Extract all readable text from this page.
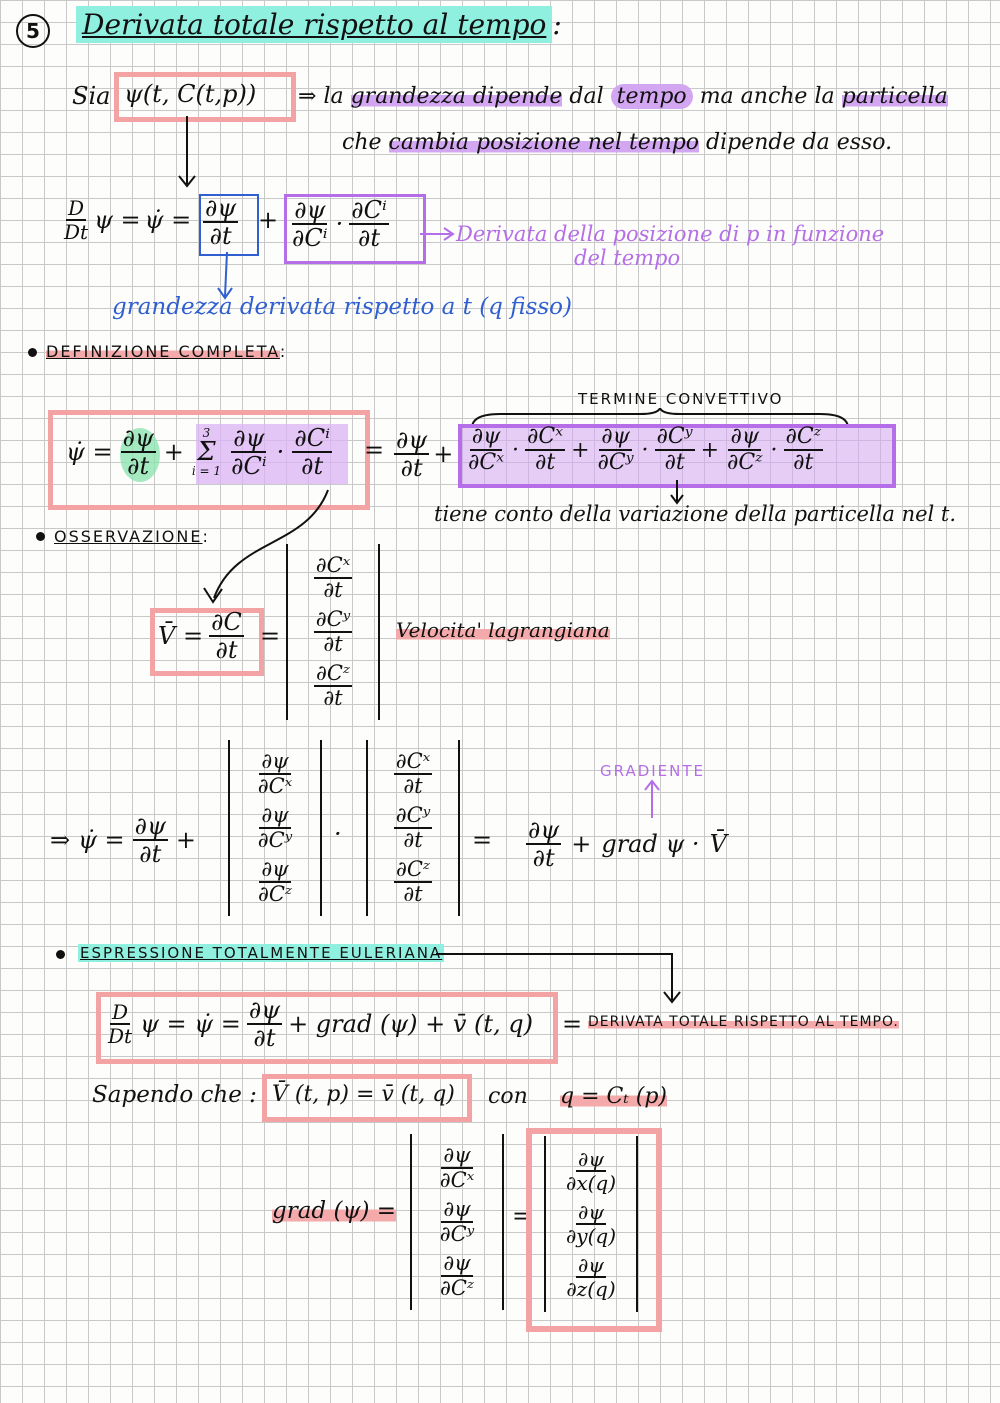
5 Derivata totale rispetto al tempo :
Sia ψ(t, C(t,p)) ⇒ la grandezza dipende dal tempo ma anche la particella
che cambia posizione nel tempo dipende da esso.
$\frac{D}{Dt}$ ψ = ψ̇ = $\frac{\partial\psi}{\partial t} + \frac{\partial\psi}{\text{∂Cⁱ}} \cdot \frac{\text{∂Cⁱ}}{\partial t}$	Derivata della posizione di p in funzione
del tempo
grandezza derivata rispetto a t (q fisso)
DEFINIZIONE COMPLETA:
ψ̇ = $\frac{\partial\psi}{\partial t}$ +
3
Σ
$i = 1 \frac{\partial\psi}{\text{∂Cⁱ}} \cdot \frac{\text{∂Cⁱ}}{\partial t} = \frac{\partial\psi}{\partial t}$ +
TERMINE CONVETTIVO
$\frac{\partial\psi}{\text{∂Cˣ}} \cdot \frac{\text{∂Cˣ}}{\partial t} + \frac{\partial\psi}{\text{∂Cʸ}} \cdot \frac{\text{∂Cʸ}}{\partial t} + \frac{\partial\psi}{\text{∂Cᶻ}} \cdot \frac{\text{∂Cᶻ}}{\partial t}$
tiene conto della variazione della particella nel t.
OSSERVAZIONE:
V̄ = $\frac{\partial C}{\partial t}$ =
$\frac{\text{∂Cˣ}}{\partial t}$
$\frac{\text{∂Cʸ}}{\partial t}$
$\frac{\text{∂Cᶻ}}{\partial t}$
Velocita' lagrangiana
⇒ ψ̇ = $\frac{\partial\psi}{\partial t}$ +
$\frac{\partial\psi}{\text{∂Cˣ}}$
$\frac{\partial\psi}{\text{∂Cʸ}}$
$\frac{\partial\psi}{\text{∂Cᶻ}}$
·
$\frac{\text{∂Cˣ}}{\partial t}$
$\frac{\text{∂Cʸ}}{\partial t}$
$\frac{\text{∂Cᶻ}}{\partial t}$
= $\frac{\partial\psi}{\partial t}$ + grad ψ · V̄
GRADIENTE
ESPRESSIONE TOTALMENTE EULERIANA
$\frac{D}{Dt}$ ψ = ψ̇ = $\frac{\partial\psi}{\partial t}$ + grad (ψ) + v̄ (t, q) = DERIVATA TOTALE RISPETTO AL TEMPO.
Sapendo che : V̄ (t, p) = v̄ (t, q) con q = Cₜ (p)
grad (ψ) =
$\frac{\partial\psi}{\text{∂Cˣ}}$
$\frac{\partial\psi}{\text{∂Cʸ}}$
$\frac{\partial\psi}{\text{∂Cᶻ}}$
=
$\frac{\partial\psi}{\partial x(q)}$
$\frac{\partial\psi}{\partial y(q)}$
$\frac{\partial\psi}{\partial z(q)}$
